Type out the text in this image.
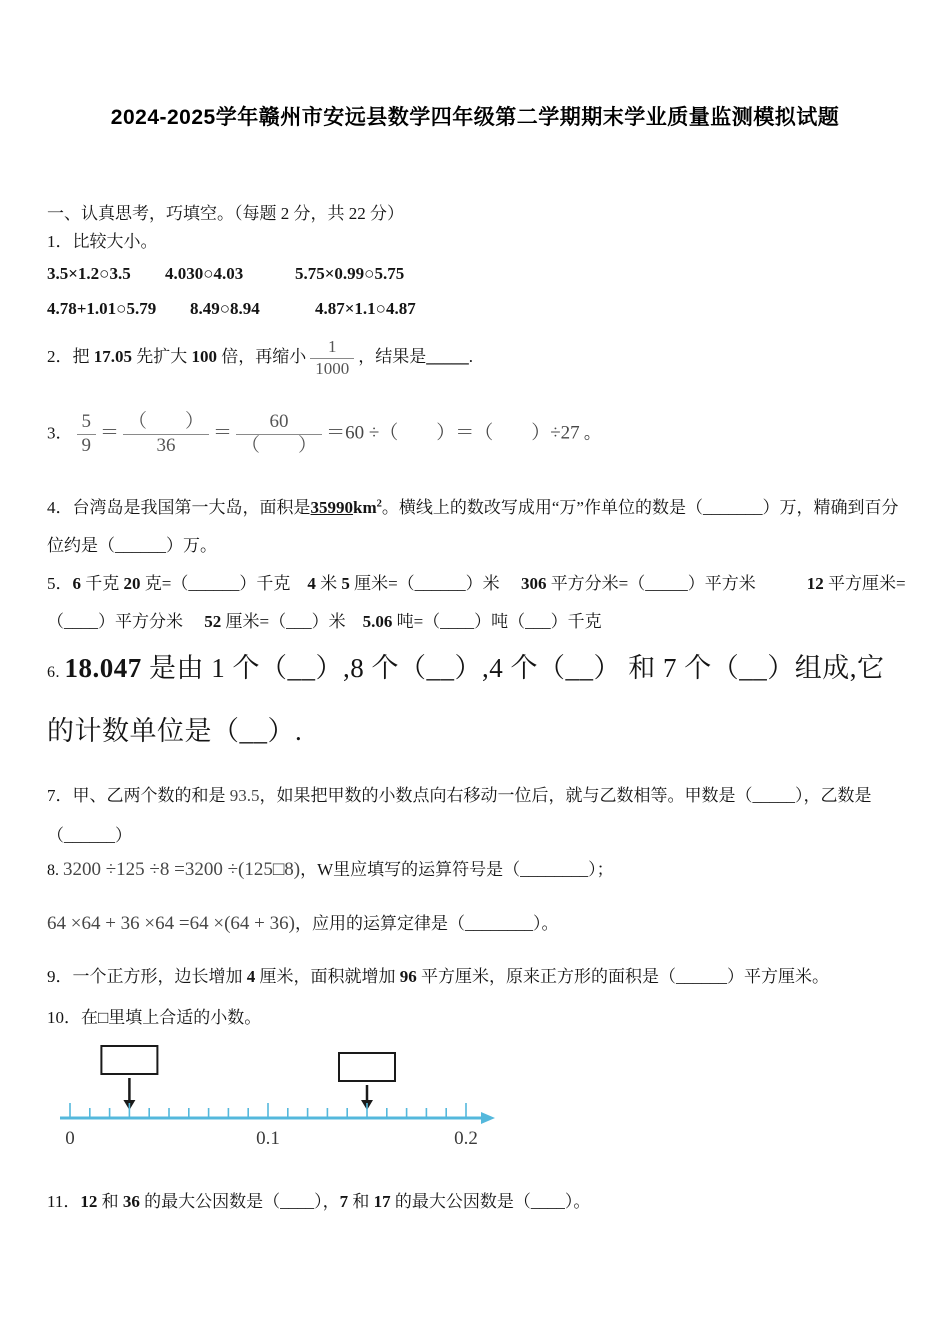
2024-2025学年赣州市安远县数学四年级第二学期期末学业质量监测模拟试题
一、认真思考，巧填空。（每题 2 分，共 22 分）
1．比较大小。
3.5×1.2○3.5 4.030○4.03	5.75×0.99○5.75
4.78+1.01○5.79 8.49○8.94	4.87×1.1○4.87
2．把 17.05 先扩大 100 倍，再缩小 $\frac{1}{1000}$ ，结果是_____.
3． $\frac{5}{9} = \frac{( )}{36} = \frac{60}{( )} =60$ ÷（　　）＝（　　）÷27 。
4．台湾岛是我国第一大岛，面积是$35990km^2$。横线上的数改写成用“万”作单位的数是（_______）万，精确到百分位约是（______）万。
5．6 千克 20 克=（______）千克　4 米 5 厘米=（______）米　 306 平方分米=（_____）平方米　　　12 平方厘米=（____）平方分米　 52 厘米=（___）米　5.06 吨=（____）吨（___）千克
6. 18.047 是由 1 个（__）,8 个（__）,4 个（__） 和 7 个（__）组成,它的计数单位是（__）.
7．甲、乙两个数的和是 93.5，如果把甲数的小数点向右移动一位后，就与乙数相等。甲数是（_____），乙数是（______）
8. 3200 ÷125 ÷8 =3200 ÷(125□8)，W里应填写的运算符号是（________）；
64 ×64 + 36 ×64 =64 ×(64 + 36)，应用的运算定律是（________）。
9．一个正方形，边长增加 4 厘米，面积就增加 96 平方厘米，原来正方形的面积是（______）平方厘米。
10．在□里填上合适的小数。
0	0.1	0.2
11．12 和 36 的最大公因数是（____），7 和 17 的最大公因数是（____）。
